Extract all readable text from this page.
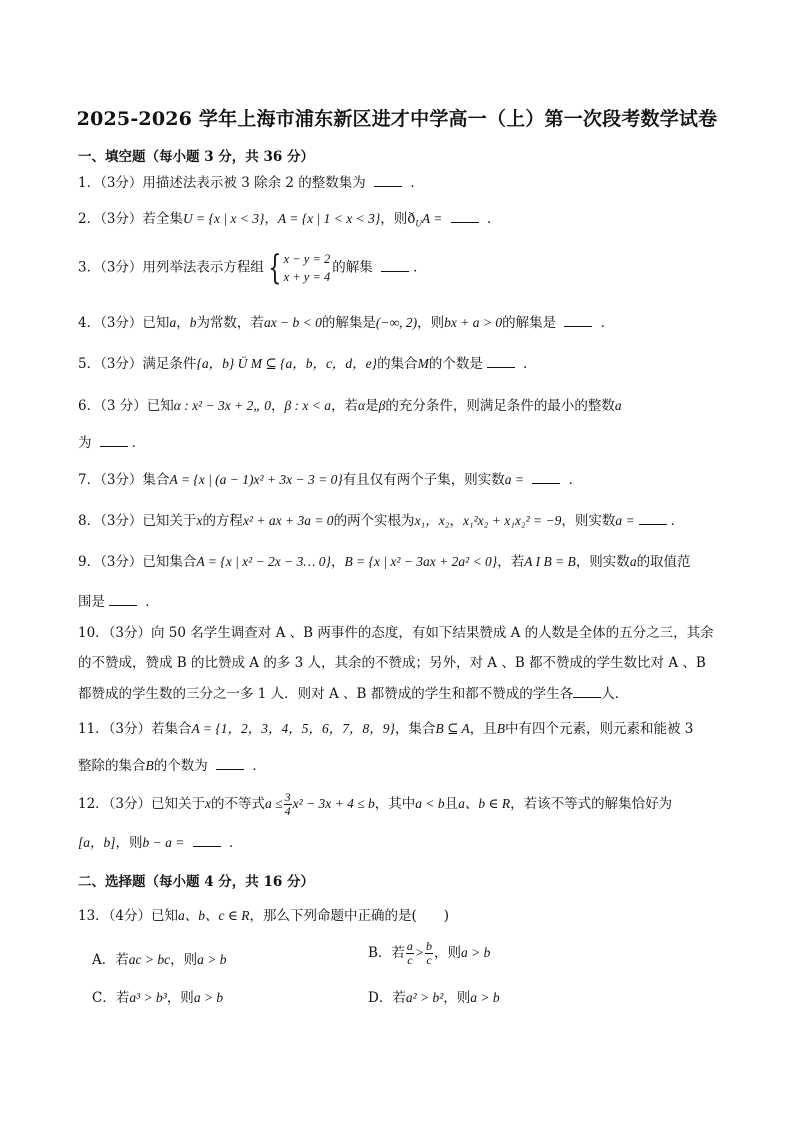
2025-2026 学年上海市浦东新区进才中学高一（上）第一次段考数学试卷
一、填空题（每小题 3 分，共 36 分）
1．（3分）用描述法表示被 3 除余 2 的整数集为	．
2．（3分）若全集U = {x | x < 3}，A = {x | 1 < x < 3}，则$ð_UA$ =	．
3．（3分）用列举法表示方程组 { x − y = 2
x + y = 4
的解集	．
4．（3分）已知a，b为常数，若ax − b < 0的解集是(−∞, 2)，则bx + a > 0的解集是	．
5．（3分）满足条件{a，b} Ü M ⊆ {a，b，c，d，e}的集合M的个数是	．
6．（3 分）已知α : x² − 3x + 2„ 0，β : x < a，若α是β的充分条件，则满足条件的最小的整数a
为	．
7．（3分）集合A = {x | (a − 1)x² + 3x − 3 = 0}有且仅有两个子集，则实数a =	．
8．（3分）已知关于x的方程x² + ax + 3a = 0的两个实根为x₁，x₂，x₁²x₂ + x₁x₂² = −9，则实数a =	．
9．（3分）已知集合A = {x | x² − 2x − 3… 0}，B = {x | x² − 3ax + 2a² < 0}，若A I B = B，则实数a的取值范
围是	．
10．（3分）向 50 名学生调查对 A 、B 两事件的态度，有如下结果赞成 A 的人数是全体的五分之三，其余
的不赞成，赞成 B 的比赞成 A 的多 3 人，其余的不赞成；另外，对 A 、B 都不赞成的学生数比对 A 、B
都赞成的学生数的三分之一多 1 人．则对 A 、B 都赞成的学生和都不赞成的学生各 人．
11．（3分）若集合A = {1，2，3，4，5，6，7，8，9}，集合B ⊆ A，且B中有四个元素，则元素和能被 3
整除的集合B的个数为	．
12．（3分）已知关于x的不等式$a \le \frac{3}{4} x^2 - 3x + 4 \le b$，其中a < b且a、b ∈ R，若该不等式的解集恰好为
[a，b]，则b − a =	．
二、选择题（每小题 4 分，共 16 分）
13．（4分）已知a、b、c ∈ R，那么下列命题中正确的是(　　)
A．若ac > bc，则a > b	B．若 $\frac{a}{c} > \frac{b}{c}$ ，则a > b
C．若a³ > b³，则a > b	D．若a² > b²，则a > b
